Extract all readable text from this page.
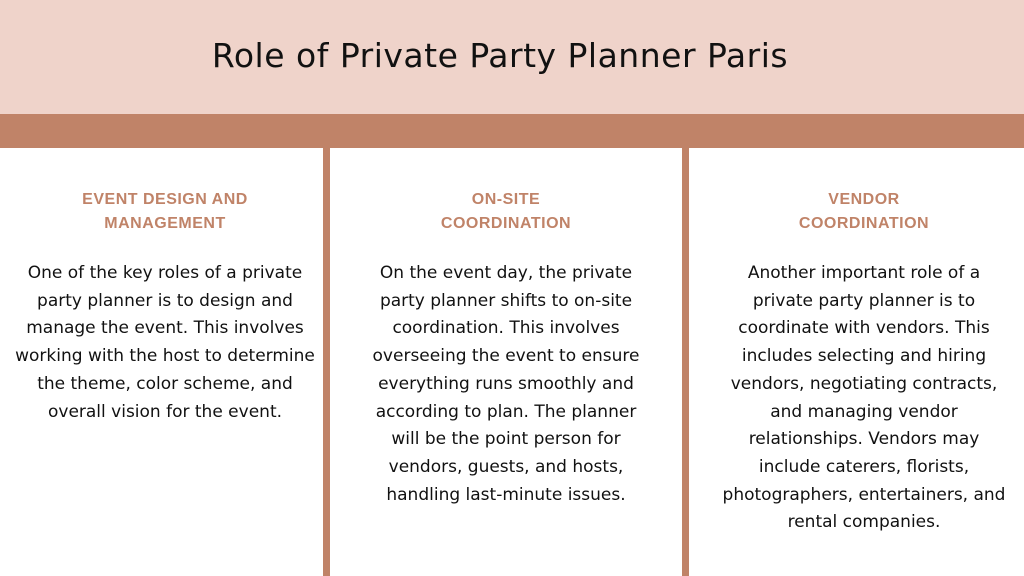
Role of Private Party Planner Paris
EVENT DESIGN AND
MANAGEMENT

One of the key roles of a private party planner is to design and manage the event. This involves working with the host to determine the theme, color scheme, and overall vision for the event.

ON-SITE
COORDINATION

On the event day, the private party planner shifts to on-site coordination. This involves overseeing the event to ensure everything runs smoothly and according to plan. The planner will be the point person for vendors, guests, and hosts, handling last-minute issues.

VENDOR
COORDINATION

Another important role of a private party planner is to coordinate with vendors. This includes selecting and hiring vendors, negotiating contracts, and managing vendor relationships. Vendors may include caterers, florists, photographers, entertainers, and rental companies.
